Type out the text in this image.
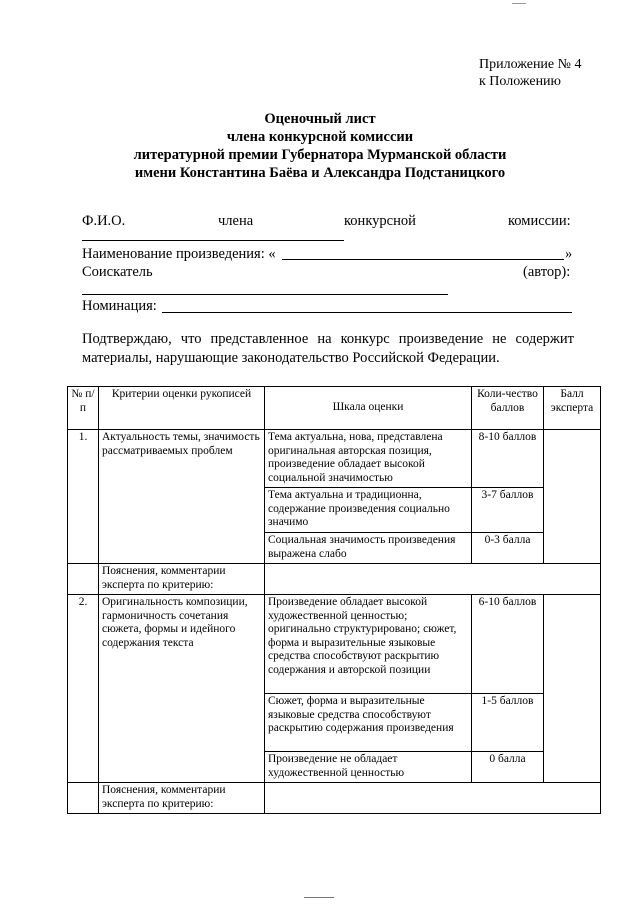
Приложение № 4
к Положению
Оценочный лист
члена конкурсной комиссии
литературной премии Губернатора Мурманской области
имени Константина Баёва и Александра Подстаницкого
Ф.И.О.	члена	конкурсной	комиссии:
Наименование произведения: «	»
Соискатель	(автор):
Номинация:
Подтверждаю, что представленное на конкурс произведение не содержит материалы, нарушающие законодательство Российской Федерации.
№ п/п	Критерии оценки рукописей	Шкала оценки	Коли-чество баллов	Балл эксперта
1.	Актуальность темы, значимость рассматриваемых проблем	Тема актуальна, нова, представлена оригинальная авторская позиция, произведение обладает высокой социальной значимостью	8-10 баллов	
		Тема актуальна и традиционна, содержание произведения социально значимо	3-7 баллов	
		Социальная значимость произведения выражена слабо	0-3 балла	
	Пояснения, комментарии эксперта по критерию:			
2.	Оригинальность композиции, гармоничность сочетания сюжета, формы и идейного содержания текста	Произведение обладает высокой художественной ценностью; оригинально структурировано; сюжет, форма и выразительные языковые средства способствуют раскрытию содержания и авторской позиции	6-10 баллов	
		Сюжет, форма и выразительные языковые средства способствуют раскрытию содержания произведения	1-5 баллов	
		Произведение не обладает художественной ценностью	0 балла	
	Пояснения, комментарии эксперта по критерию:			
